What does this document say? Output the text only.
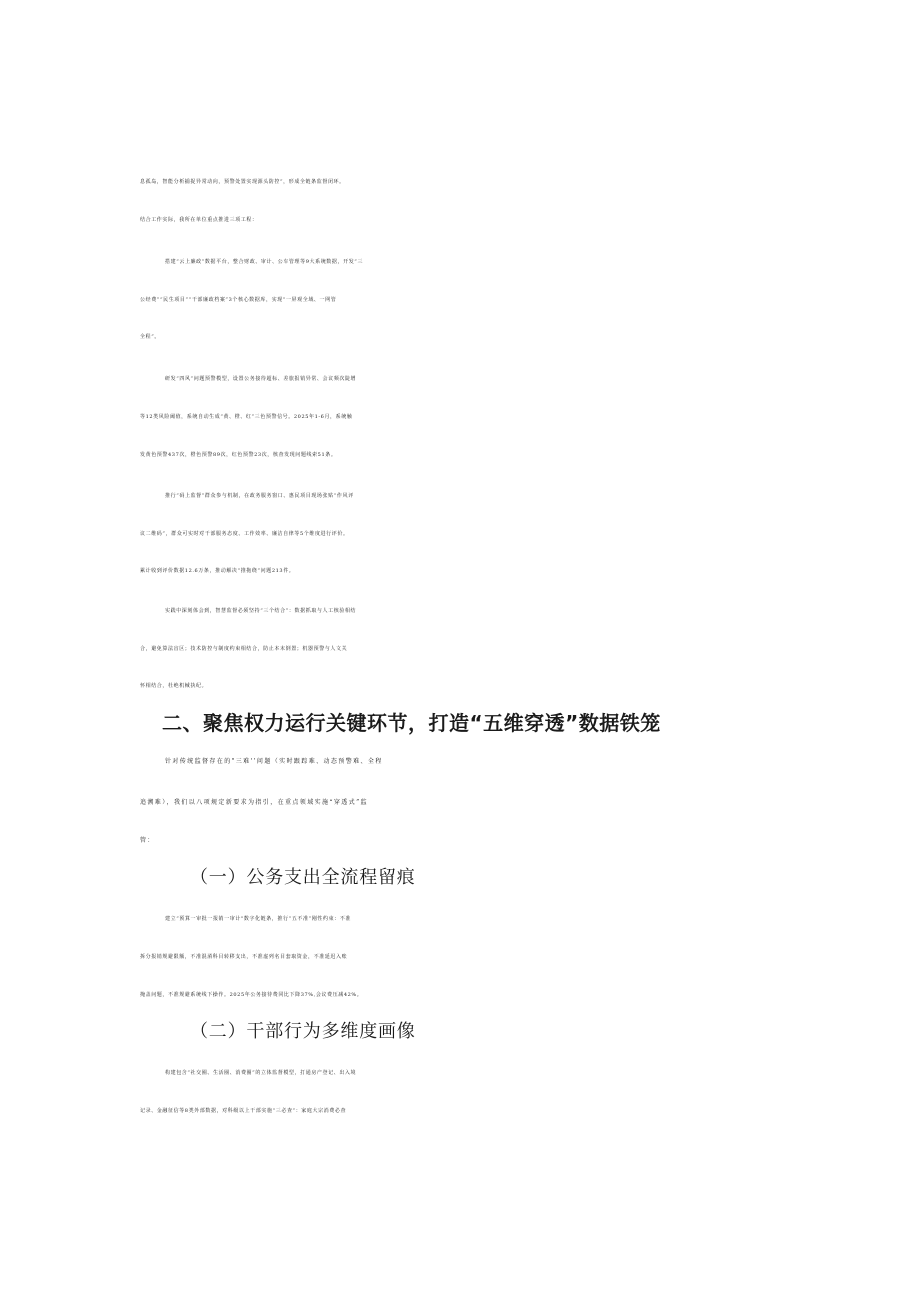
息孤岛，智能分析捕捉异常动向，预警处置实现源头防控”，形成全链条监督闭环。
结合工作实际，我所在单位重点推进三项工程：
搭建“云上廉政”数据平台，整合财政、审计、公车管理等9大系统数据，开发“三
公经费”“民生项目”“干部廉政档案”3个核心数据库，实现“一屏观全域、一网管
全程”。
研发“四风”问题预警模型，设置公务接待超标、差旅报销异常、会议频次陡增
等12类风险阈值，系统自动生成“黄、橙、红”三色预警信号。2025年1-6月，系统触
发黄色预警437次，橙色预警89次，红色预警23次，核查发现问题线索51条。
推行“码上监督”群众参与机制，在政务服务窗口、惠民项目现场张贴“作风评
议二维码”，群众可实时对干部服务态度、工作效率、廉洁自律等5个维度进行评价。
累计收到评价数据12.6万条，推动解决“推拖绕”问题213件。
实践中深刻体会到，智慧监督必须坚持“三个结合”：数据抓取与人工核验相结
合，避免算法盲区；技术防控与制度约束相结合，防止本末倒置；机器预警与人文关
怀相结合，杜绝机械执纪。
二、聚焦权力运行关键环节，打造“五维穿透”数据铁笼
针对传统监督存在的"三难'’问题（实时跟踪难、动态预警难、全程
追溯难），我们以八项规定新要求为指引，在重点领域实施“穿透式”监
管：
（一）公务支出全流程留痕
建立“预算一审批一报销一审计"数字化链条，推行“五不准”刚性约束：不准
拆分报销规避限额，不准混淆科目转移支出，不准虚列名目套取资金，不准延迟入账
掩盖问题，不准规避系统线下操作。2025年公务接待费同比下降37%,会议费压减42%。
（二）干部行为多维度画像
构建包含“社交圈、生活圈、消费圈”的立体监督模型，打通房产登记、出入境
记录、金融征信等8类外部数据，对科级以上干部实施“三必查”：家庭大宗消费必查
